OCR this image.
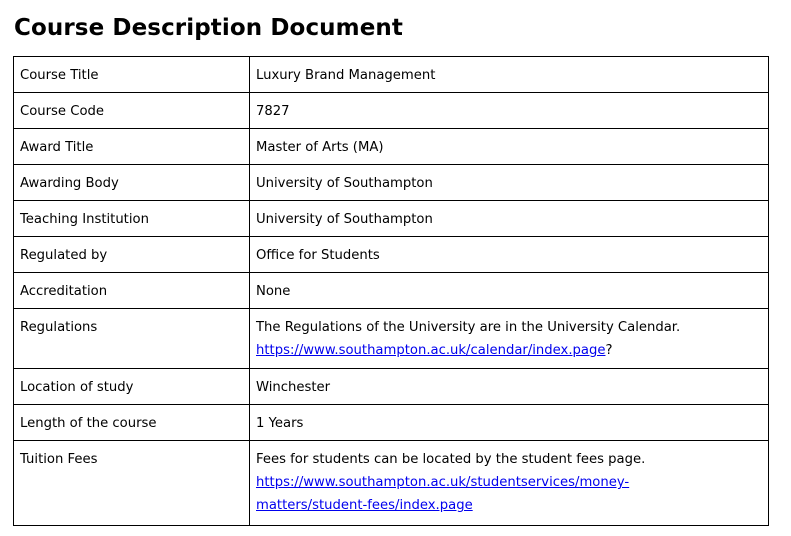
Course Description Document
Course Title	Luxury Brand Management
Course Code	7827
Award Title	Master of Arts (MA)
Awarding Body	University of Southampton
Teaching Institution	University of Southampton
Regulated by	Office for Students
Accreditation	None
Regulations	The Regulations of the University are in the University Calendar.
https://www.southampton.ac.uk/calendar/index.page?
Location of study	Winchester
Length of the course	1 Years
Tuition Fees	Fees for students can be located by the student fees page.
https://www.southampton.ac.uk/studentservices/money-
matters/student-fees/index.page
